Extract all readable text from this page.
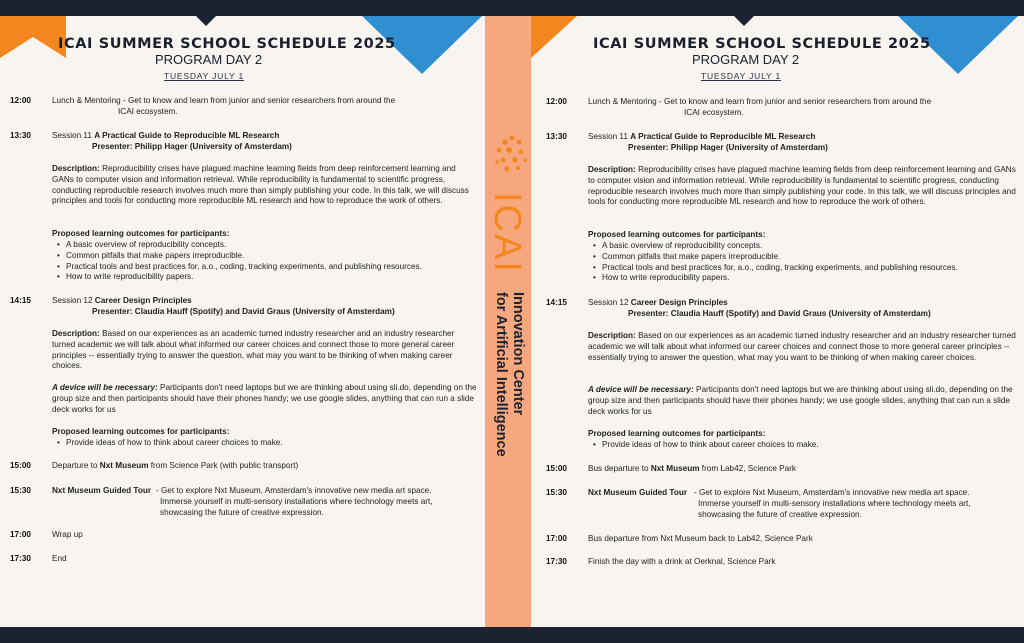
ICAI SUMMER SCHOOL SCHEDULE 2025
PROGRAM DAY 2
TUESDAY JULY 1
12:00	Lunch & Mentoring - Get to know and learn from junior and senior researchers from around the
ICAI ecosystem.
13:30	Session 11 A Practical Guide to Reproducible ML Research
Presenter: Philipp Hager (University of Amsterdam)
Description: Reproducibility crises have plagued machine learning fields from deep reinforcement learning and GANs to computer vision and information retrieval. While reproducibility is fundamental to scientific progress, conducting reproducible research involves much more than simply publishing your code. In this talk, we will discuss principles and tools for conducting more reproducible ML research and how to reproduce the work of others.
Proposed learning outcomes for participants:
• A basic overview of reproducibility concepts.
• Common pitfalls that make papers irreproducible.
• Practical tools and best practices for, a.o., coding, tracking experiments, and publishing resources.
• How to write reproducibility papers.
14:15	Session 12 Career Design Principles
Presenter: Claudia Hauff (Spotify) and David Graus (University of Amsterdam)
Description: Based on our experiences as an academic turned industry researcher and an industry researcher turned academic we will talk about what informed our career choices and connect those to more general career principles -- essentially trying to answer the question, what may you want to be thinking of when making career choices.
A device will be necessary: Participants don't need laptops but we are thinking about using sli.do, depending on the group size and then participants should have their phones handy; we use google slides, anything that can run a slide deck works for us
Proposed learning outcomes for participants:
• Provide ideas of how to think about career choices to make.
15:00	Departure to Nxt Museum from Science Park (with public transport)
15:30	Nxt Museum Guided Tour - Get to explore Nxt Museum, Amsterdam's innovative new media art space.
Immerse yourself in multi-sensory installations where technology meets art,
showcasing the future of creative expression.
17:00	Wrap up
17:30	End
ICAI
Innovation Center
for Artificial Intelligence
ICAI SUMMER SCHOOL SCHEDULE 2025
PROGRAM DAY 2
TUESDAY JULY 1
12:00	Lunch & Mentoring - Get to know and learn from junior and senior researchers from around the
ICAI ecosystem.
13:30	Session 11 A Practical Guide to Reproducible ML Research
Presenter: Philipp Hager (University of Amsterdam)
Description: Reproducibility crises have plagued machine learning fields from deep reinforcement learning and GANs to computer vision and information retrieval. While reproducibility is fundamental to scientific progress, conducting reproducible research involves much more than simply publishing your code. In this talk, we will discuss principles and tools for conducting more reproducible ML research and how to reproduce the work of others.
Proposed learning outcomes for participants:
• A basic overview of reproducibility concepts.
• Common pitfalls that make papers irreproducible.
• Practical tools and best practices for, a.o., coding, tracking experiments, and publishing resources.
• How to write reproducibility papers.
14:15	Session 12 Career Design Principles
Presenter: Claudia Hauff (Spotify) and David Graus (University of Amsterdam)
Description: Based on our experiences as an academic turned industry researcher and an industry researcher turned academic we will talk about what informed our career choices and connect those to more general career principles -- essentially trying to answer the question, what may you want to be thinking of when making career choices.
A device will be necessary: Participants don't need laptops but we are thinking about using sli.do, depending on the group size and then participants should have their phones handy; we use google slides, anything that can run a slide deck works for us
Proposed learning outcomes for participants:
• Provide ideas of how to think about career choices to make.
15:00	Bus departure to Nxt Museum from Lab42, Science Park
15:30	Nxt Museum Guided Tour - Get to explore Nxt Museum, Amsterdam's innovative new media art space.
Immerse yourself in multi-sensory installations where technology meets art,
showcasing the future of creative expression.
17:00	Bus departure from Nxt Museum back to Lab42, Science Park
17:30	Finish the day with a drink at Oerknal, Science Park
